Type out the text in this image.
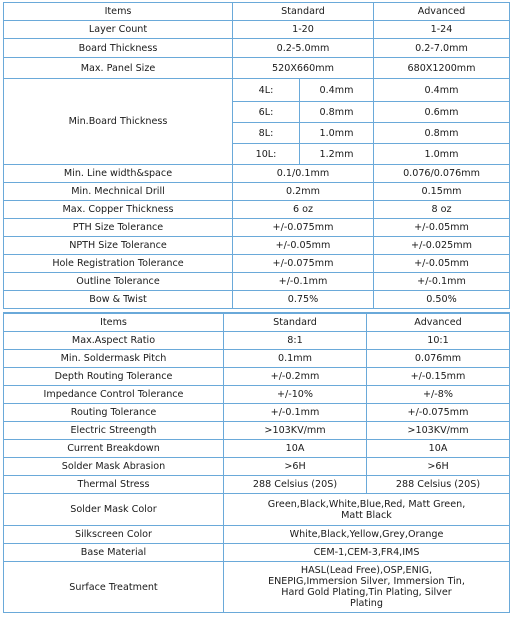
Items	Standard		Advanced
Layer Count	1-20		1-24
Board Thickness	0.2-5.0mm		0.2-7.0mm
Max. Panel Size	520X660mm		680X1200mm
Min.Board Thickness	4L:	0.4mm	0.4mm
	6L:	0.8mm	0.6mm
	8L:	1.0mm	0.8mm
	10L:	1.2mm	1.0mm
Min. Line width&space	0.1/0.1mm		0.076/0.076mm
Min. Mechnical Drill	0.2mm		0.15mm
Max. Copper Thickness	6 oz		8 oz
PTH Size Tolerance	+/-0.075mm		+/-0.05mm
NPTH Size Tolerance	+/-0.05mm		+/-0.025mm
Hole Registration Tolerance	+/-0.075mm		+/-0.05mm
Outline Tolerance	+/-0.1mm		+/-0.1mm
Bow & Twist	0.75%		0.50%
Items	Standard	Advanced
Max.Aspect Ratio	8:1	10:1
Min. Soldermask Pitch	0.1mm	0.076mm
Depth Routing Tolerance	+/-0.2mm	+/-0.15mm
Impedance Control Tolerance	+/-10%	+/-8%
Routing Tolerance	+/-0.1mm	+/-0.075mm
Electric Streength	>103KV/mm	>103KV/mm
Current Breakdown	10A	10A
Solder Mask Abrasion	>6H	>6H
Thermal Stress	288 Celsius (20S)	288 Celsius (20S)
Solder Mask Color	Green,Black,White,Blue,Red, Matt Green, Matt Black	
Silkscreen Color	White,Black,Yellow,Grey,Orange	
Base Material	CEM-1,CEM-3,FR4,IMS	
Surface Treatment	HASL(Lead Free),OSP,ENIG, ENEPIG,Immersion Silver, Immersion Tin, Hard Gold Plating,Tin Plating, Silver Plating	
